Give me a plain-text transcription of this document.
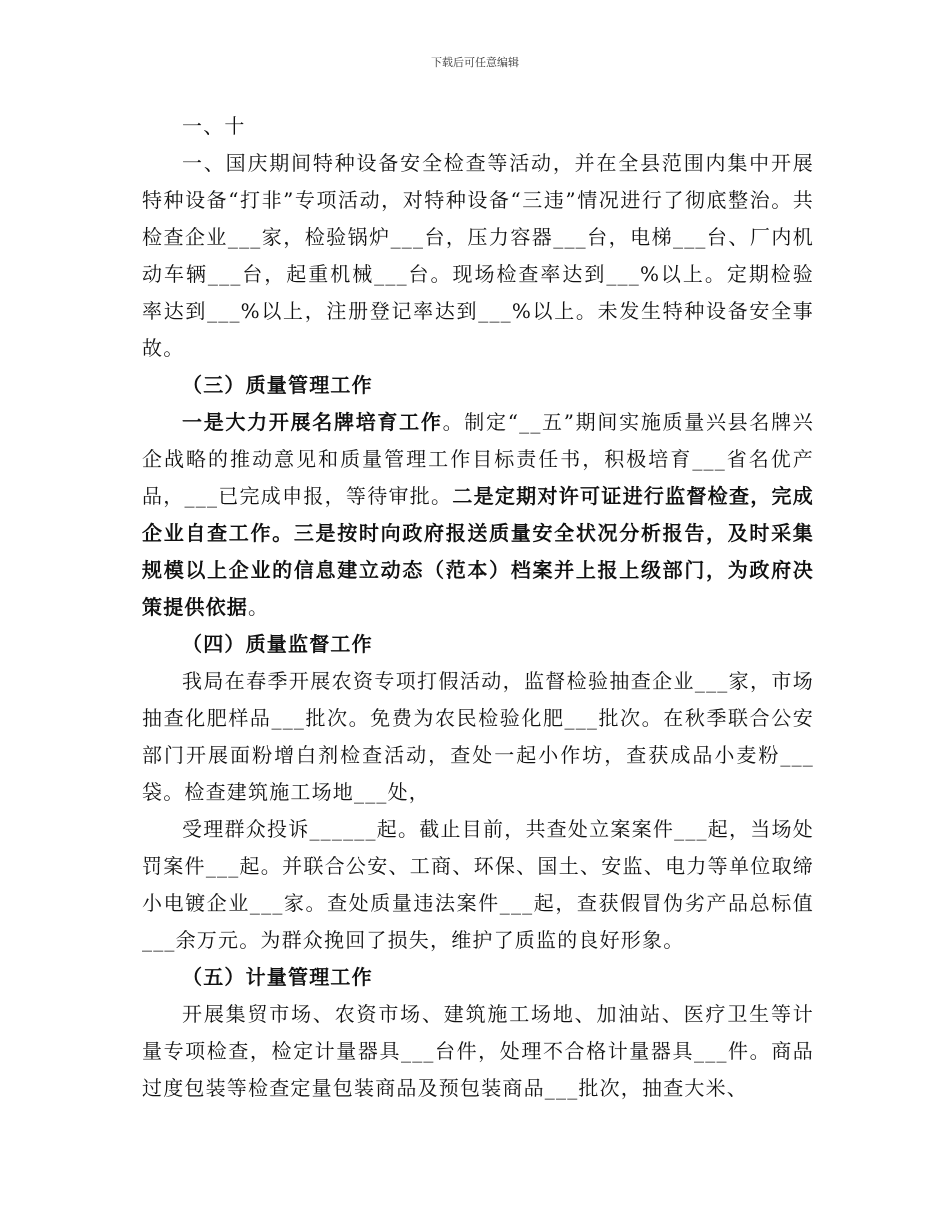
下载后可任意编辑

一、十

一、国庆期间特种设备安全检查等活动，并在全县范围内集中开展特种设备“打非”专项活动，对特种设备“三违”情况进行了彻底整治。共检查企业___家，检验锅炉___台，压力容器___台，电梯___台、厂内机动车辆___台，起重机械___台。现场检查率达到___%以上。定期检验率达到___%以上，注册登记率达到___%以上。未发生特种设备安全事故。

（三）质量管理工作

一是大力开展名牌培育工作。制定“__五”期间实施质量兴县名牌兴企战略的推动意见和质量管理工作目标责任书，积极培育___省名优产品，___已完成申报，等待审批。二是定期对许可证进行监督检查，完成企业自查工作。三是按时向政府报送质量安全状况分析报告，及时采集规模以上企业的信息建立动态（范本）档案并上报上级部门，为政府决策提供依据。

（四）质量监督工作

我局在春季开展农资专项打假活动，监督检验抽查企业___家，市场抽查化肥样品___批次。免费为农民检验化肥___批次。在秋季联合公安部门开展面粉增白剂检查活动，查处一起小作坊，查获成品小麦粉___袋。检查建筑施工场地___处，

受理群众投诉______起。截止目前，共查处立案案件___起，当场处罚案件___起。并联合公安、工商、环保、国土、安监、电力等单位取缔小电镀企业___家。查处质量违法案件___起，查获假冒伪劣产品总标值___余万元。为群众挽回了损失，维护了质监的良好形象。

（五）计量管理工作

开展集贸市场、农资市场、建筑施工场地、加油站、医疗卫生等计量专项检查，检定计量器具___台件，处理不合格计量器具___件。商品过度包装等检查定量包装商品及预包装商品___批次，抽查大米、
